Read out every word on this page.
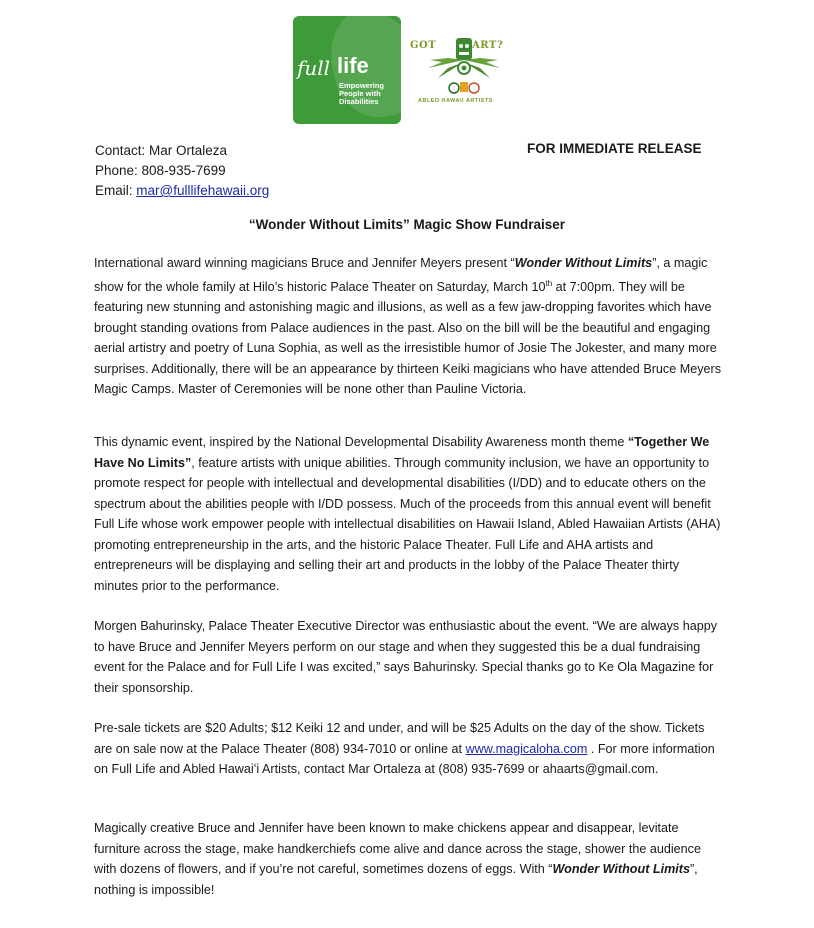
full life
Empowering People with Disabilities
GOT	ART?
ABLED HAWAII ARTISTS
Contact: Mar Ortaleza
Phone: 808-935-7699
Email: mar@fulllifehawaii.org
FOR IMMEDIATE RELEASE
“Wonder Without Limits” Magic Show Fundraiser

International award winning magicians Bruce and Jennifer Meyers present “Wonder Without Limits”, a magic show for the whole family at Hilo’s historic Palace Theater on Saturday, March 10th at 7:00pm. They will be featuring new stunning and astonishing magic and illusions, as well as a few jaw-dropping favorites which have brought standing ovations from Palace audiences in the past. Also on the bill will be the beautiful and engaging aerial artistry and poetry of Luna Sophia, as well as the irresistible humor of Josie The Jokester, and many more surprises. Additionally, there will be an appearance by thirteen Keiki magicians who have attended Bruce Meyers Magic Camps. Master of Ceremonies will be none other than Pauline Victoria.

This dynamic event, inspired by the National Developmental Disability Awareness month theme “Together We Have No Limits”, feature artists with unique abilities. Through community inclusion, we have an opportunity to promote respect for people with intellectual and developmental disabilities (I/DD) and to educate others on the spectrum about the abilities people with I/DD possess. Much of the proceeds from this annual event will benefit Full Life whose work empower people with intellectual disabilities on Hawaii Island, Abled Hawaiian Artists (AHA) promoting entrepreneurship in the arts, and the historic Palace Theater. Full Life and AHA artists and entrepreneurs will be displaying and selling their art and products in the lobby of the Palace Theater thirty minutes prior to the performance.

Morgen Bahurinsky, Palace Theater Executive Director was enthusiastic about the event. “We are always happy to have Bruce and Jennifer Meyers perform on our stage and when they suggested this be a dual fundraising event for the Palace and for Full Life I was excited,” says Bahurinsky. Special thanks go to Ke Ola Magazine for their sponsorship.

Pre-sale tickets are $20 Adults; $12 Keiki 12 and under, and will be $25 Adults on the day of the show. Tickets are on sale now at the Palace Theater (808) 934-7010 or online at www.magicaloha.com . For more information on Full Life and Abled Hawaiʻi Artists, contact Mar Ortaleza at (808) 935-7699 or ahaarts@gmail.com.

Magically creative Bruce and Jennifer have been known to make chickens appear and disappear, levitate furniture across the stage, make handkerchiefs come alive and dance across the stage, shower the audience with dozens of flowers, and if you’re not careful, sometimes dozens of eggs. With “Wonder Without Limits”, nothing is impossible!
